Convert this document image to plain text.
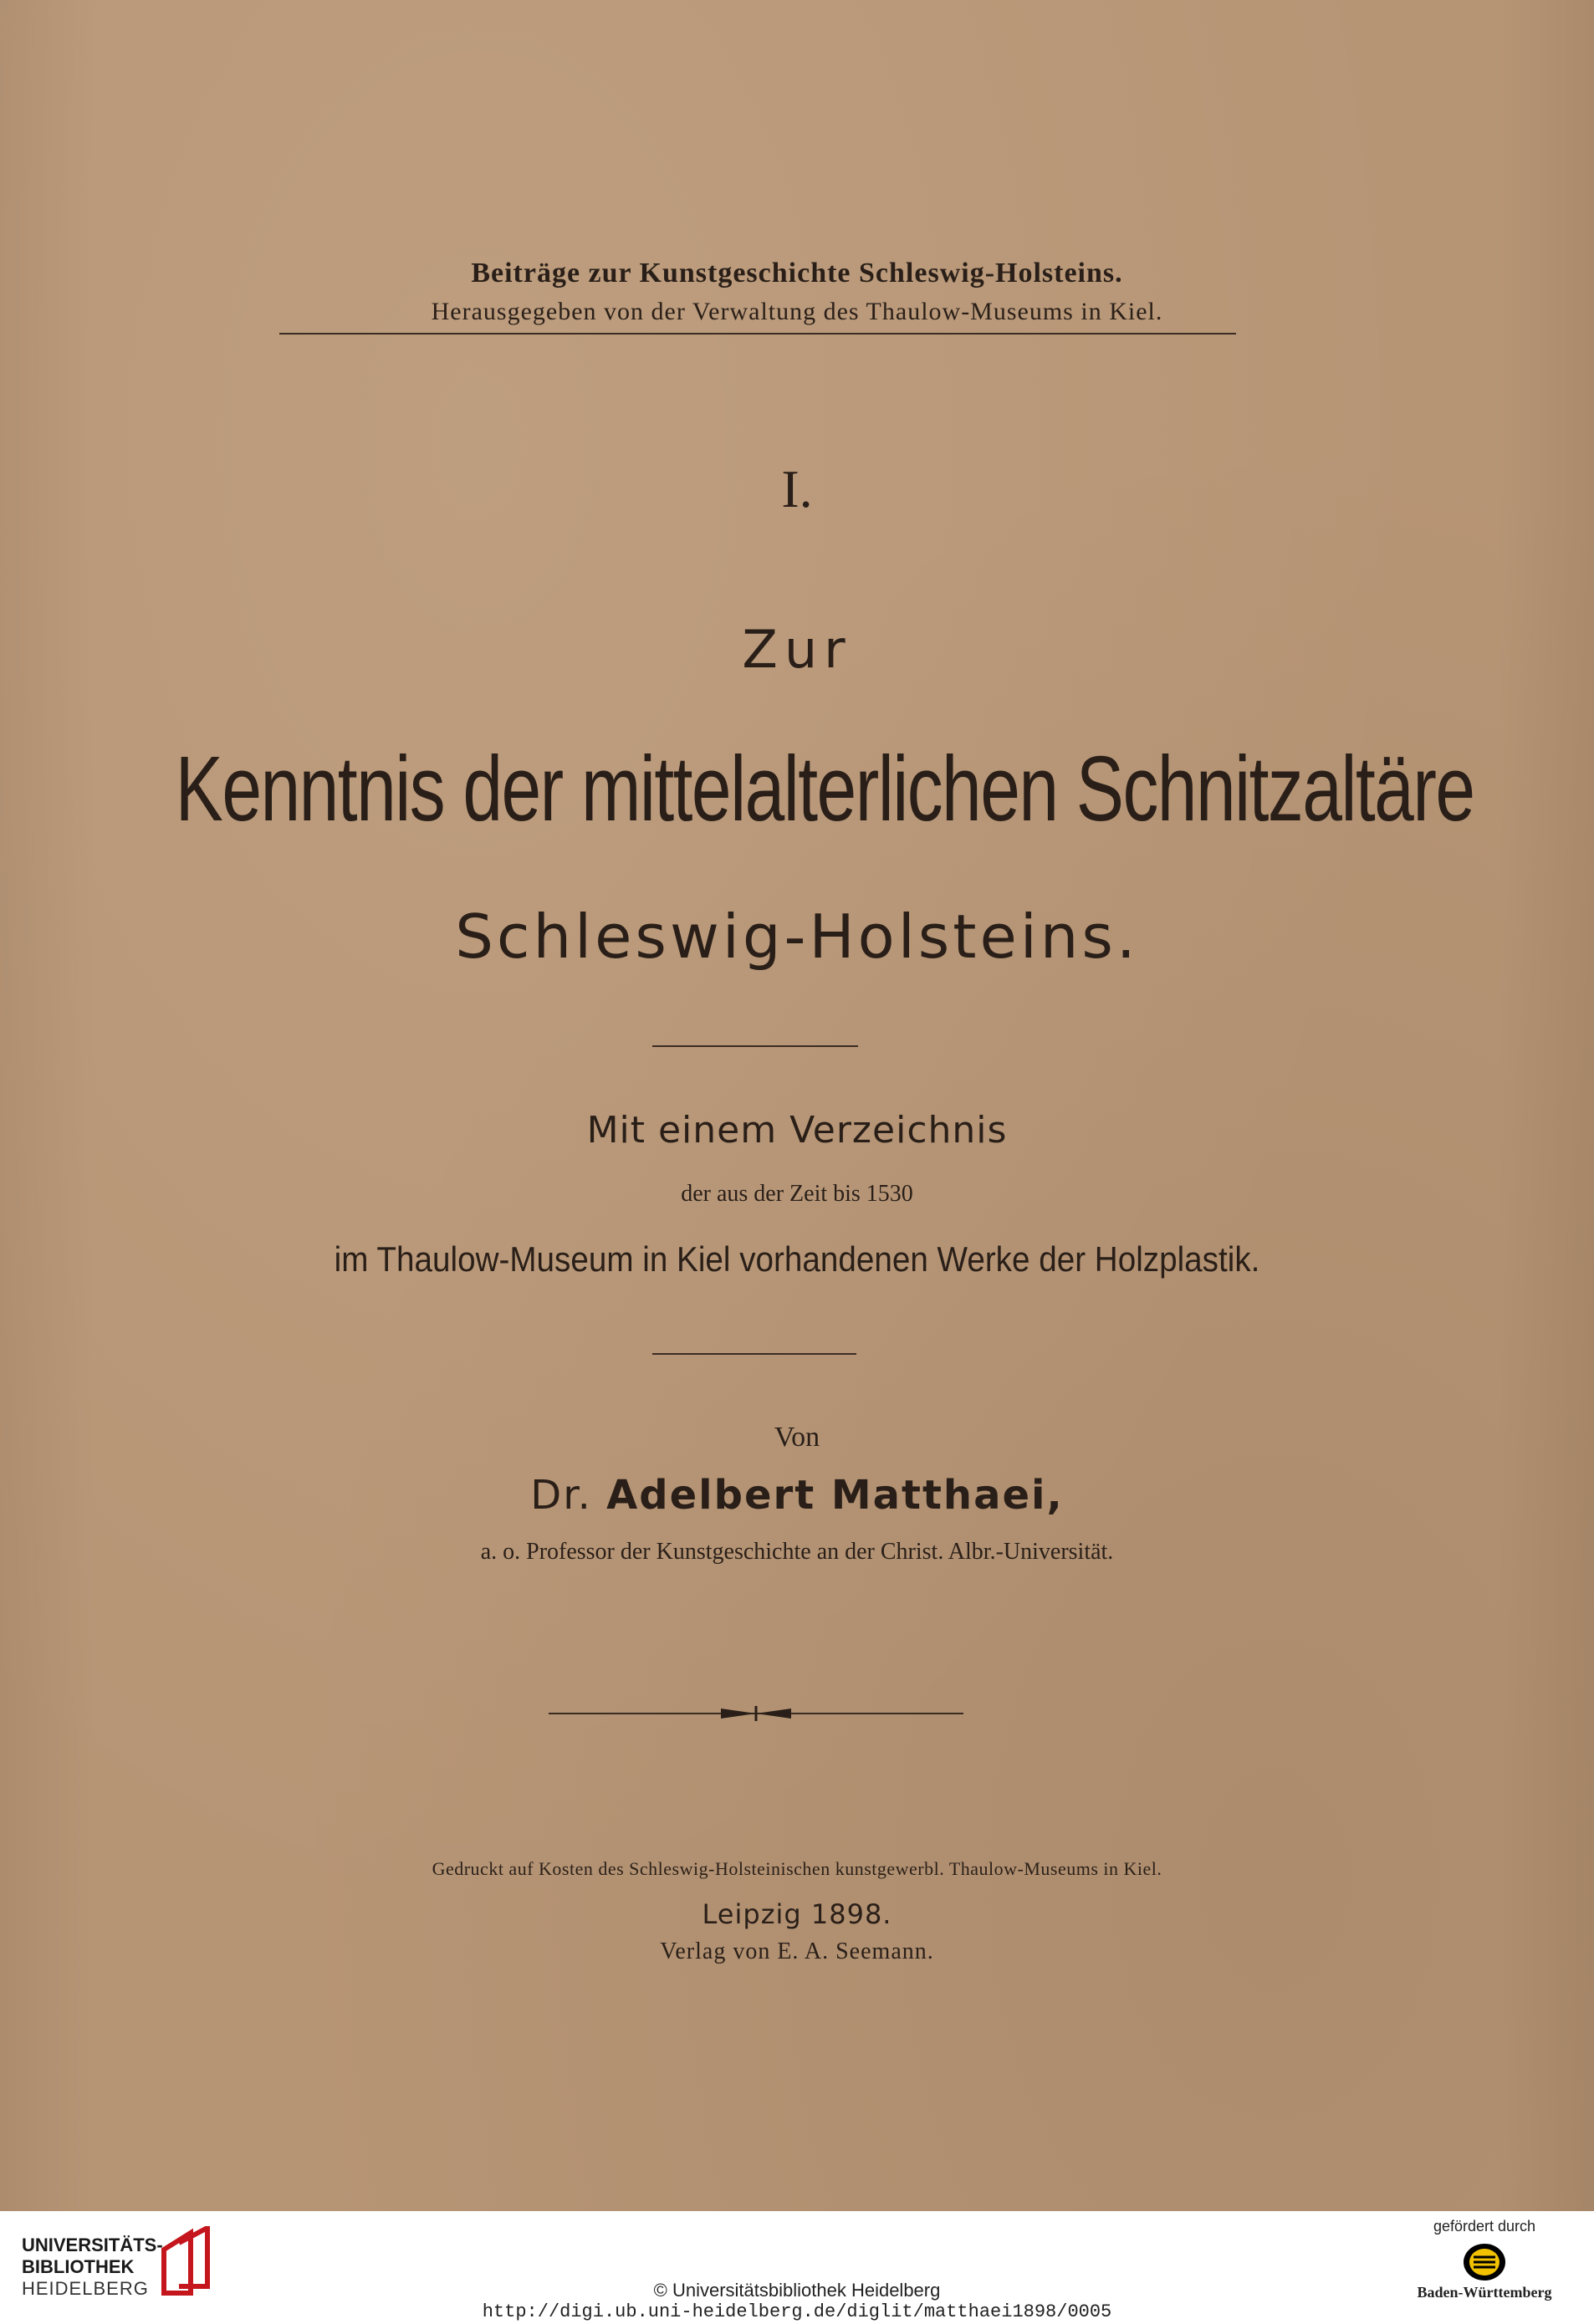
Beiträge zur Kunstgeschichte Schleswig-Holsteins.
Herausgegeben von der Verwaltung des Thaulow-Museums in Kiel.
I.
Zur
Kenntnis der mittelalterlichen Schnitzaltäre
Schleswig-Holsteins.
Mit einem Verzeichnis
der aus der Zeit bis 1530
im Thaulow-Museum in Kiel vorhandenen Werke der Holzplastik.
Von
Dr. Adelbert Matthaei,
a. o. Professor der Kunstgeschichte an der Christ. Albr.-Universität.
Gedruckt auf Kosten des Schleswig-Holsteinischen kunstgewerbl. Thaulow-Museums in Kiel.
Leipzig 1898.
Verlag von E. A. Seemann.
UNIVERSITÄTS-
BIBLIOTHEK
HEIDELBERG	© Universitätsbibliothek Heidelberg
http://digi.ub.uni-heidelberg.de/diglit/matthaei1898/0005
gefördert durch
Baden-Württemberg
